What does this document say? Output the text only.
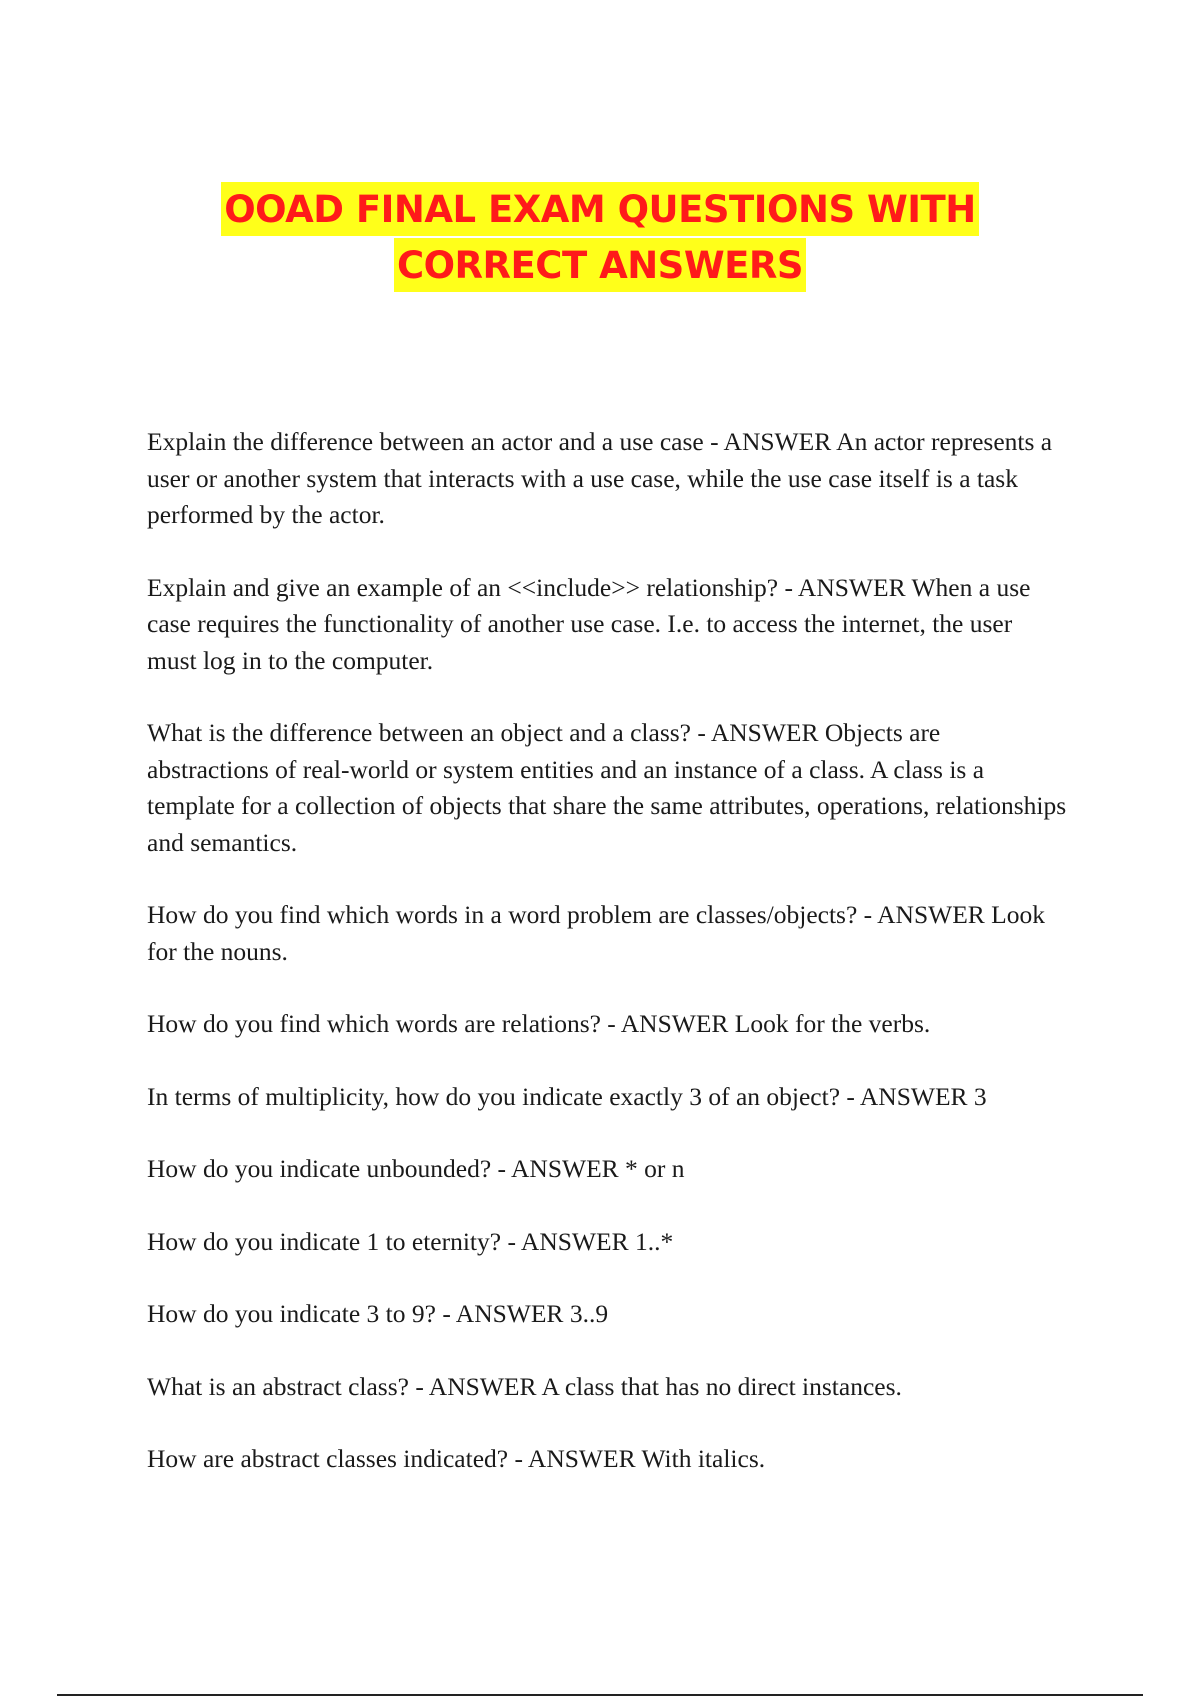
OOAD FINAL EXAM QUESTIONS WITH
CORRECT ANSWERS

Explain the difference between an actor and a use case - ANSWER An actor represents a user or another system that interacts with a use case, while the use case itself is a task performed by the actor.

Explain and give an example of an <<include>> relationship? - ANSWER When a use case requires the functionality of another use case. I.e. to access the internet, the user must log in to the computer.

What is the difference between an object and a class? - ANSWER Objects are abstractions of real-world or system entities and an instance of a class. A class is a template for a collection of objects that share the same attributes, operations, relationships and semantics.

How do you find which words in a word problem are classes/objects? - ANSWER Look for the nouns.

How do you find which words are relations? - ANSWER Look for the verbs.

In terms of multiplicity, how do you indicate exactly 3 of an object? - ANSWER 3

How do you indicate unbounded? - ANSWER * or n

How do you indicate 1 to eternity? - ANSWER 1..*

How do you indicate 3 to 9? - ANSWER 3..9

What is an abstract class? - ANSWER A class that has no direct instances.

How are abstract classes indicated? - ANSWER With italics.
